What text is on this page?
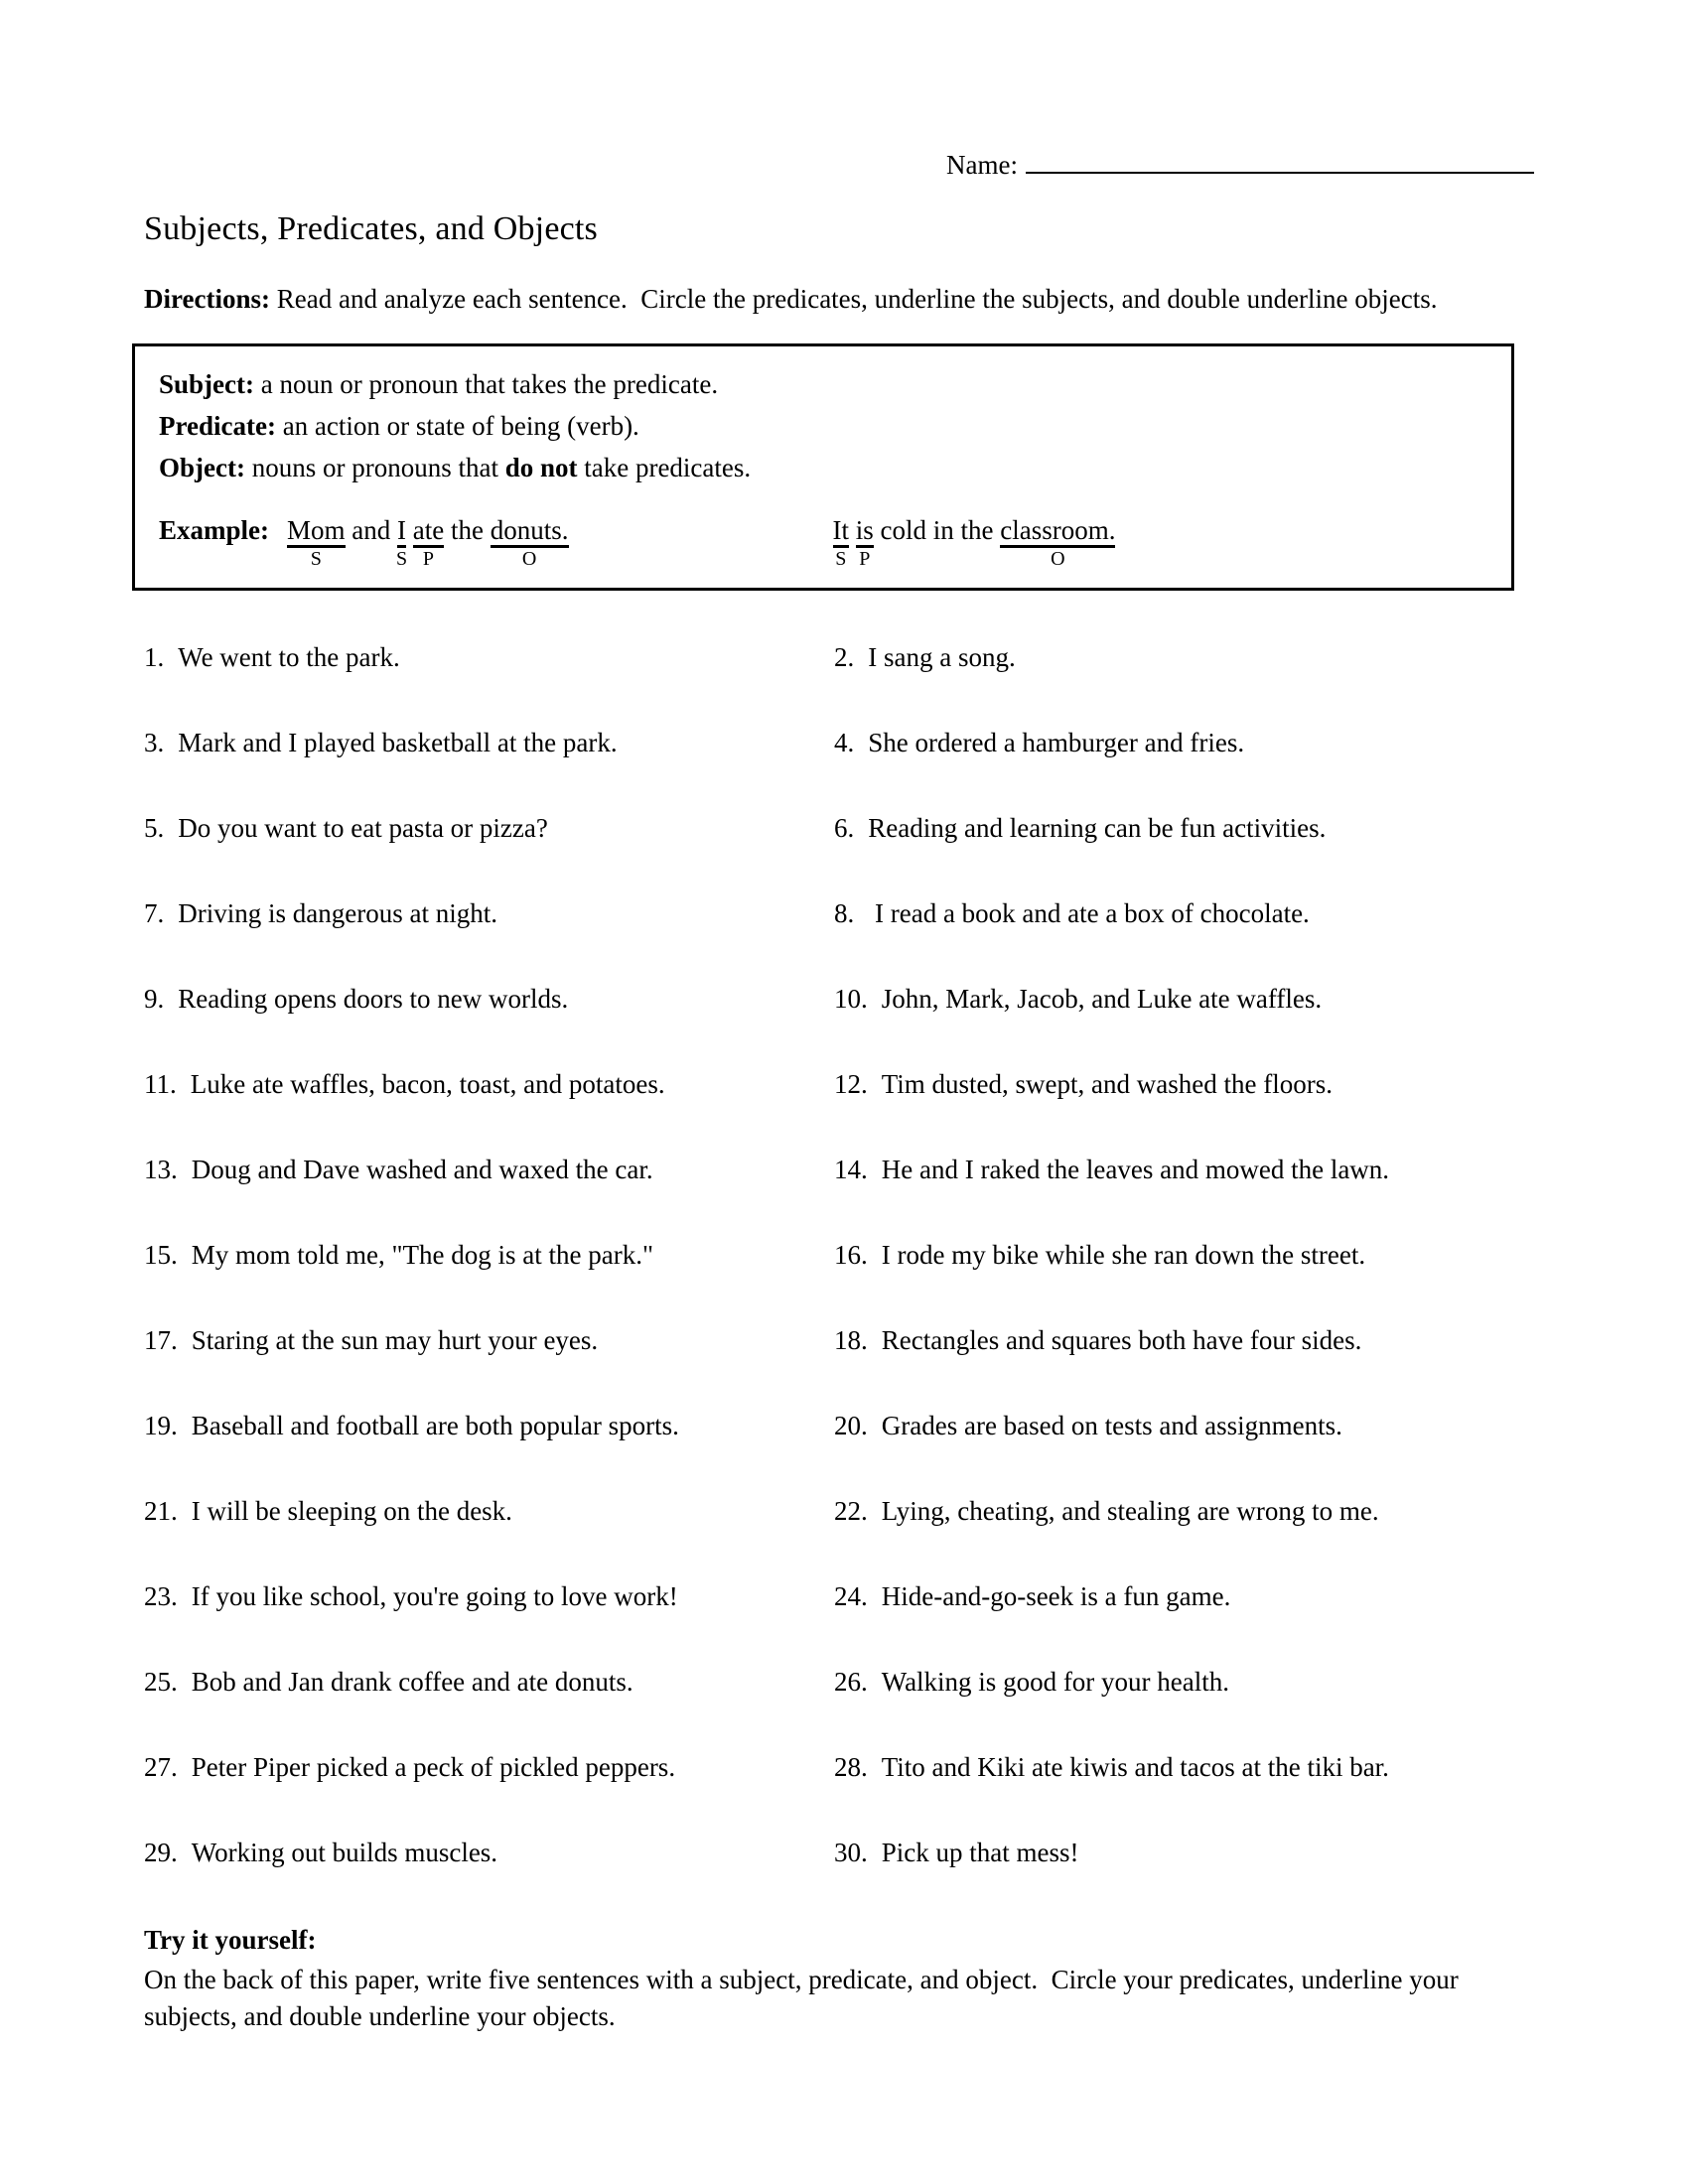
Name:
Subjects, Predicates, and Objects

Directions: Read and analyze each sentence.  Circle the predicates, underline the subjects, and double underline objects.

Subject: a noun or pronoun that takes the predicate.

Predicate: an action or state of being (verb).

Object: nouns or pronouns that do not take predicates.

Example: Mom S and I S ate P the donuts. O	It S is P cold in the classroom. O
1. We went to the park.	2. I sang a song.
3. Mark and I played basketball at the park.	4. She ordered a hamburger and fries.
5. Do you want to eat pasta or pizza?	6. Reading and learning can be fun activities.
7. Driving is dangerous at night.	8. I read a book and ate a box of chocolate.
9. Reading opens doors to new worlds.	10. John, Mark, Jacob, and Luke ate waffles.
11. Luke ate waffles, bacon, toast, and potatoes.	12. Tim dusted, swept, and washed the floors.
13. Doug and Dave washed and waxed the car.	14. He and I raked the leaves and mowed the lawn.
15. My mom told me, "The dog is at the park."	16. I rode my bike while she ran down the street.
17. Staring at the sun may hurt your eyes.	18. Rectangles and squares both have four sides.
19. Baseball and football are both popular sports.	20. Grades are based on tests and assignments.
21. I will be sleeping on the desk.	22. Lying, cheating, and stealing are wrong to me.
23. If you like school, you're going to love work!	24. Hide-and-go-seek is a fun game.
25. Bob and Jan drank coffee and ate donuts.	26. Walking is good for your health.
27. Peter Piper picked a peck of pickled peppers.	28. Tito and Kiki ate kiwis and tacos at the tiki bar.
29. Working out builds muscles.	30. Pick up that mess!
Try it yourself:

On the back of this paper, write five sentences with a subject, predicate, and object.  Circle your predicates, underline your subjects, and double underline your objects.
